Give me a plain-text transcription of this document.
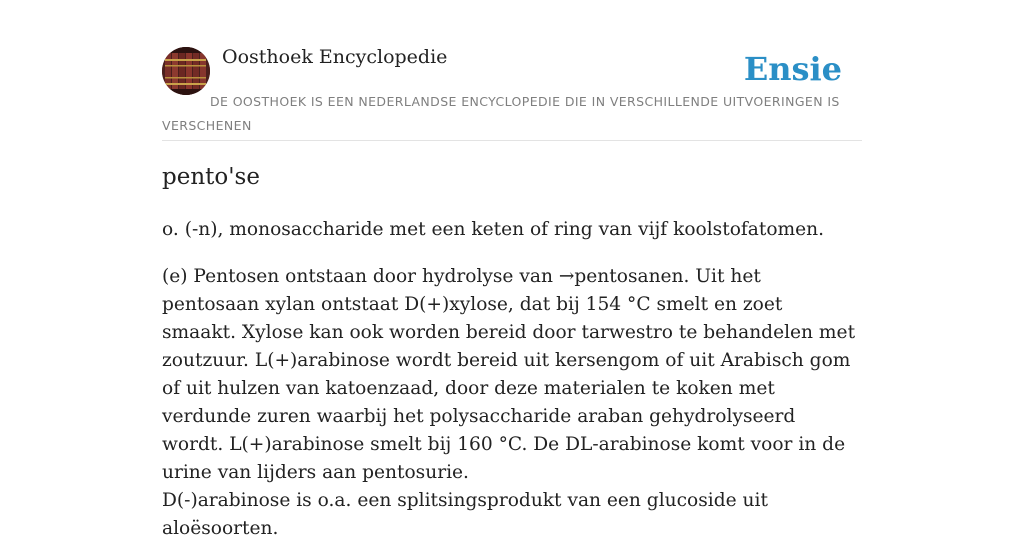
Oosthoek Encyclopedie	Ensie
DE OOSTHOEK IS EEN NEDERLANDSE ENCYCLOPEDIE DIE IN VERSCHILLENDE UITVOERINGEN IS VERSCHENEN
pento'se

o. (-n), monosaccharide met een keten of ring van vijf koolstofatomen.

(e) Pentosen ontstaan door hydrolyse van →pentosanen. Uit het pentosaan xylan ontstaat D(+)xylose, dat bij 154 °C smelt en zoet smaakt. Xylose kan ook worden bereid door tarwestro te behandelen met zoutzuur. L(+)arabinose wordt bereid uit kersengom of uit Arabisch gom of uit hulzen van katoenzaad, door deze materialen te koken met verdunde zuren waarbij het polysaccharide araban gehydrolyseerd wordt. L(+)arabinose smelt bij 160 °C. De DL-arabinose komt voor in de urine van lijders aan pentosurie.

D(-)arabinose is o.a. een splitsingsprodukt van een glucoside uit aloësoorten.
